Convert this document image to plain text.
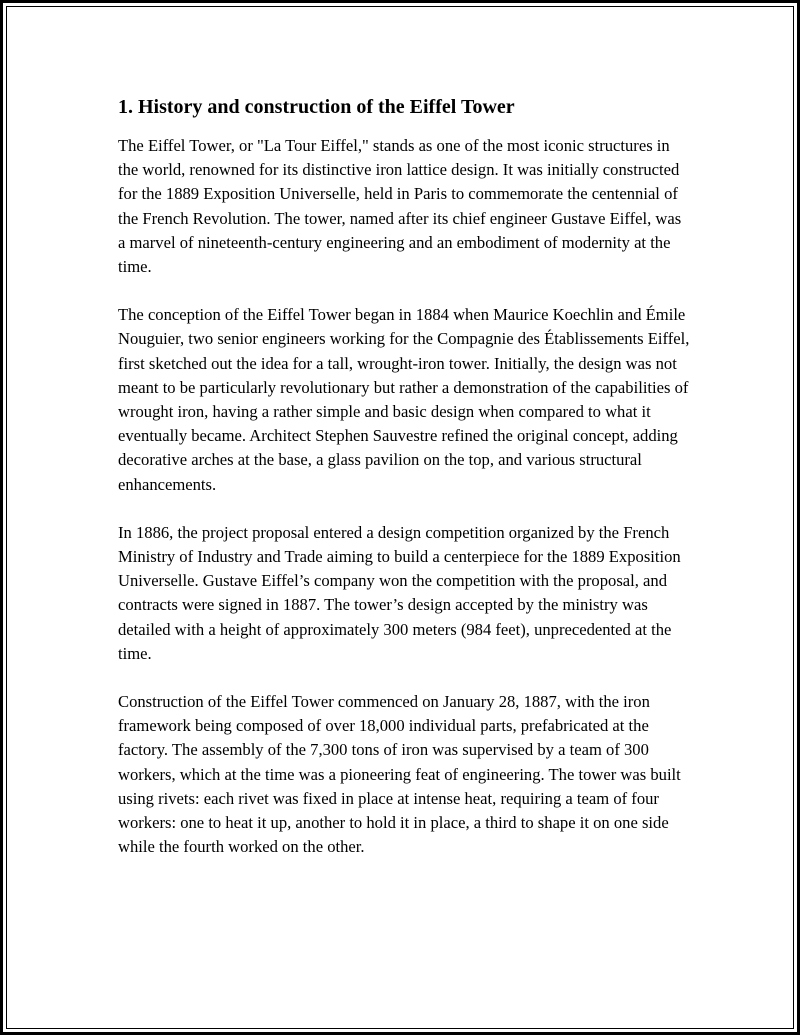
1. History and construction of the Eiffel Tower

The Eiffel Tower, or "La Tour Eiffel," stands as one of the most iconic structures in the world, renowned for its distinctive iron lattice design. It was initially constructed for the 1889 Exposition Universelle, held in Paris to commemorate the centennial of the French Revolution. The tower, named after its chief engineer Gustave Eiffel, was a marvel of nineteenth-century engineering and an embodiment of modernity at the time.

The conception of the Eiffel Tower began in 1884 when Maurice Koechlin and Émile Nouguier, two senior engineers working for the Compagnie des Établissements Eiffel, first sketched out the idea for a tall, wrought-iron tower. Initially, the design was not meant to be particularly revolutionary but rather a demonstration of the capabilities of wrought iron, having a rather simple and basic design when compared to what it eventually became. Architect Stephen Sauvestre refined the original concept, adding decorative arches at the base, a glass pavilion on the top, and various structural enhancements.

In 1886, the project proposal entered a design competition organized by the French Ministry of Industry and Trade aiming to build a centerpiece for the 1889 Exposition Universelle. Gustave Eiffel’s company won the competition with the proposal, and contracts were signed in 1887. The tower’s design accepted by the ministry was detailed with a height of approximately 300 meters (984 feet), unprecedented at the time.

Construction of the Eiffel Tower commenced on January 28, 1887, with the iron framework being composed of over 18,000 individual parts, prefabricated at the factory. The assembly of the 7,300 tons of iron was supervised by a team of 300 workers, which at the time was a pioneering feat of engineering. The tower was built using rivets: each rivet was fixed in place at intense heat, requiring a team of four workers: one to heat it up, another to hold it in place, a third to shape it on one side while the fourth worked on the other.
